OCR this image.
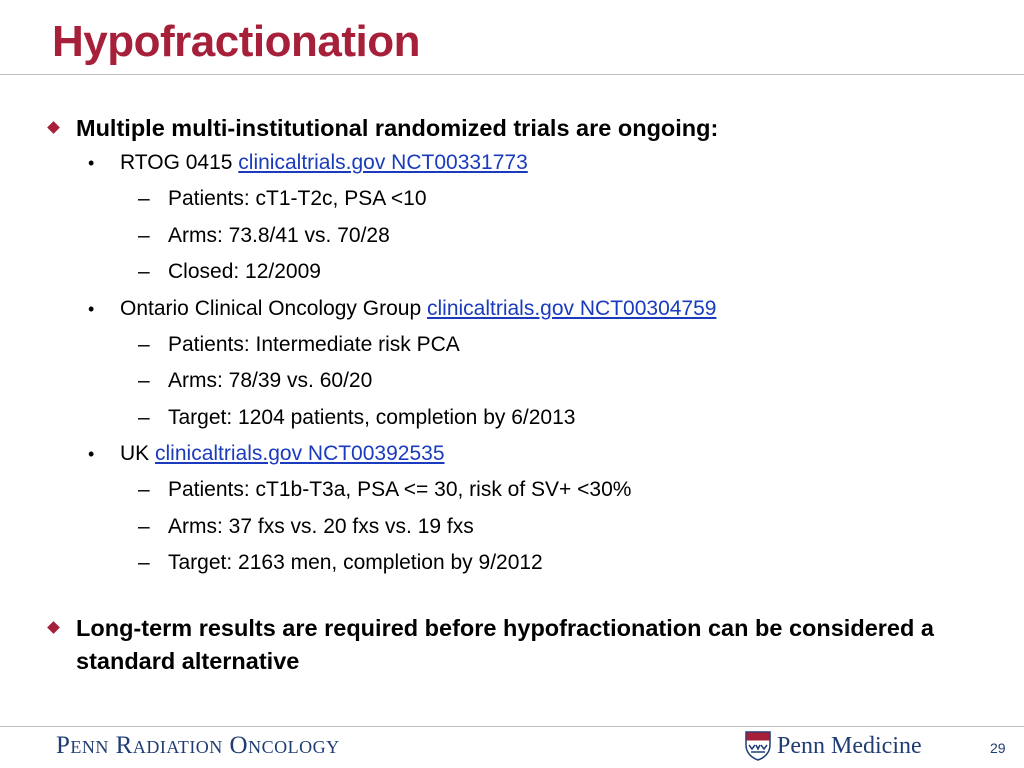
Hypofractionation
Multiple multi-institutional randomized trials are ongoing:
• RTOG 0415 clinicaltrials.gov NCT00331773
– Patients: cT1-T2c, PSA <10
– Arms: 73.8/41 vs. 70/28
– Closed: 12/2009
• Ontario Clinical Oncology Group clinicaltrials.gov NCT00304759
– Patients: Intermediate risk PCA
– Arms: 78/39 vs. 60/20
– Target: 1204 patients, completion by 6/2013
• UK clinicaltrials.gov NCT00392535
– Patients: cT1b-T3a, PSA <= 30, risk of SV+ <30%
– Arms: 37 fxs vs. 20 fxs vs. 19 fxs
– Target: 2163 men, completion by 9/2012
Long-term results are required before hypofractionation can be considered a standard alternative
Penn Radiation Oncology	Penn Medicine	29
